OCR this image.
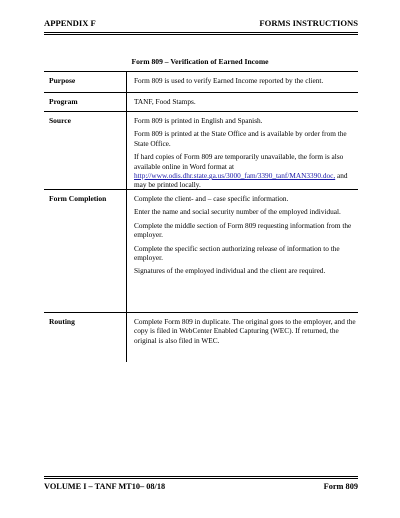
APPENDIX F	FORMS INSTRUCTIONS
Form 809 – Verification of Earned Income
Purpose	Form 809 is used to verify Earned Income reported by the client.

Program	TANF, Food Stamps.

Source	Form 809 is printed in English and Spanish.

Form 809 is printed at the State Office and is available by order from the State Office.

If hard copies of Form 809 are temporarily unavailable, the form is also available online in Word format at http://www.odis.dhr.state.ga.us/3000_fam/3390_tanf/MAN3390.doc, and may be printed locally.

Form Completion	Complete the client- and – case specific information.

Enter the name and social security number of the employed individual.

Complete the middle section of Form 809 requesting information from the employer.

Complete the specific section authorizing release of information to the employer.

Signatures of the employed individual and the client are required.

Routing	Complete Form 809 in duplicate. The original goes to the employer, and the copy is filed in WebCenter Enabled Capturing (WEC). If returned, the original is also filed in WEC.

VOLUME I – TANF MT10– 08/18	Form 809
